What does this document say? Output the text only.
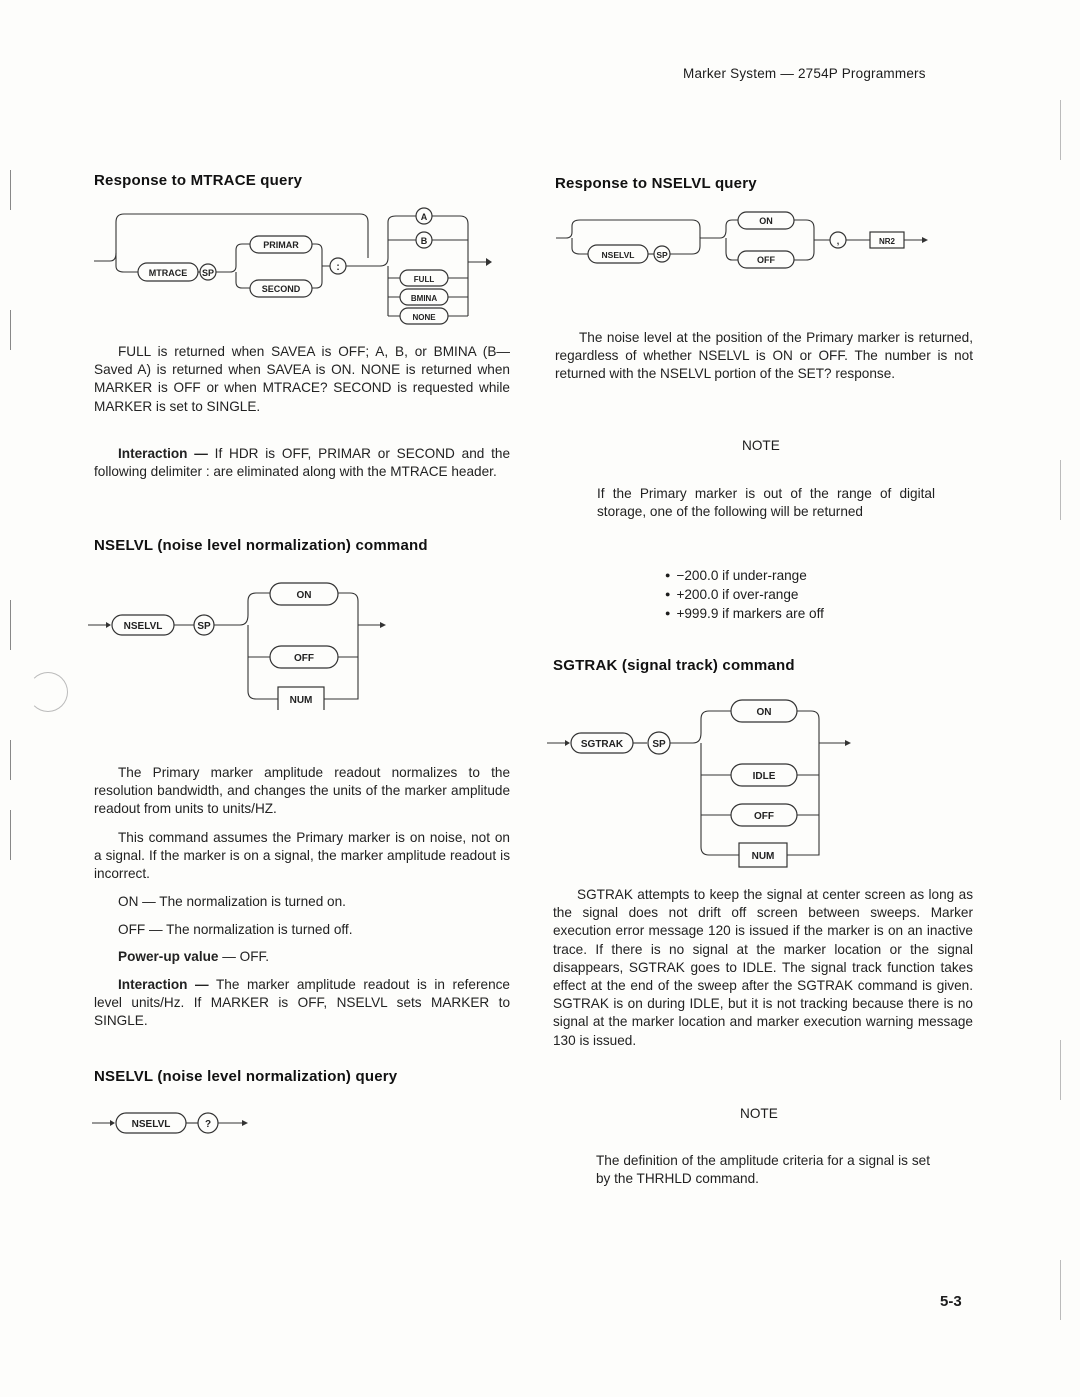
Marker System — 2754P Programmers
Response to MTRACE query
MTRACE SP
PRIMAR
SECOND
:
A
B
FULL
BMINA
NONE
FULL is returned when SAVEA is OFF; A, B, or BMINA (B—Saved A) is returned when SAVEA is ON. NONE is returned when MARKER is OFF or when MTRACE? SECOND is requested while MARKER is set to SINGLE.
Interaction — If HDR is OFF, PRIMAR or SECOND and the following delimiter : are eliminated along with the MTRACE header.
NSELVL (noise level normalization) command
NSELVL	SP
ON
OFF
NUM
The Primary marker amplitude readout normalizes to the resolution bandwidth, and changes the units of the marker amplitude readout from units to units/HZ.
This command assumes the Primary marker is on noise, not on a signal. If the marker is on a signal, the marker amplitude readout is incorrect.
ON — The normalization is turned on.
OFF — The normalization is turned off.
Power-up value — OFF.
Interaction — The marker amplitude readout is in reference level units/Hz. If MARKER is OFF, NSELVL sets MARKER to SINGLE.
NSELVL (noise level normalization) query
NSELVL	?
Response to NSELVL query
NSELVL	SP
ON
OFF
,	NR2
The noise level at the position of the Primary marker is returned, regardless of whether NSELVL is ON or OFF. The number is not returned with the NSELVL portion of the SET? response.
NOTE
If the Primary marker is out of the range of digital storage, one of the following will be returned
● −200.0 if under-range
● +200.0 if over-range
● +999.9 if markers are off
SGTRAK (signal track) command
SGTRAK	SP
ON
IDLE
OFF
NUM
SGTRAK attempts to keep the signal at center screen as long as the signal does not drift off screen between sweeps. Marker execution error message 120 is issued if the marker is on an inactive trace. If there is no signal at the marker location or the signal disappears, SGTRAK goes to IDLE. The signal track function takes effect at the end of the sweep after the SGTRAK command is given. SGTRAK is on during IDLE, but it is not tracking because there is no signal at the marker location and marker execution warning message 130 is issued.
NOTE
The definition of the amplitude criteria for a signal is set by the THRHLD command.
5-3
